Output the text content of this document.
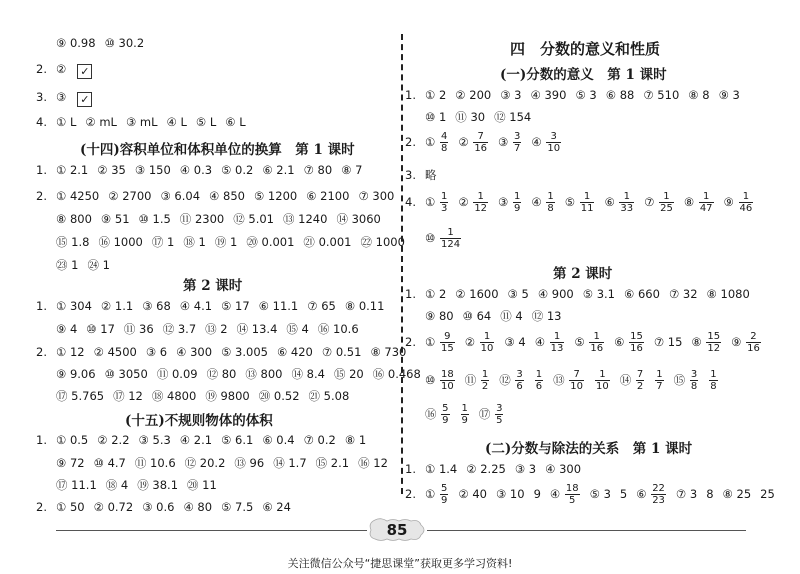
⑨ 0.98 ⑩ 30.2
2. ② ✓
3. ③ ✓
4. ① L ② mL ③ mL ④ L ⑤ L ⑥ L
(十四)容积单位和体积单位的换算　第 1 课时
1. ① 2.1 ② 35 ③ 150 ④ 0.3 ⑤ 0.2 ⑥ 2.1 ⑦ 80 ⑧ 7
2. ① 4250 ② 2700 ③ 6.04 ④ 850 ⑤ 1200 ⑥ 2100 ⑦ 300
⑧ 800 ⑨ 51 ⑩ 1.5 ⑪ 2300 ⑫ 5.01 ⑬ 1240 ⑭ 3060
⑮ 1.8 ⑯ 1000 ⑰ 1 ⑱ 1 ⑲ 1 ⑳ 0.001 ㉑ 0.001 ㉒ 1000
㉓ 1 ㉔ 1
第 2 课时
1. ① 304 ② 1.1 ③ 68 ④ 4.1 ⑤ 17 ⑥ 11.1 ⑦ 65 ⑧ 0.11
⑨ 4 ⑩ 17 ⑪ 36 ⑫ 3.7 ⑬ 2 ⑭ 13.4 ⑮ 4 ⑯ 10.6
2. ① 12 ② 4500 ③ 6 ④ 300 ⑤ 3.005 ⑥ 420 ⑦ 0.51 ⑧ 730
⑨ 9.06 ⑩ 3050 ⑪ 0.09 ⑫ 80 ⑬ 800 ⑭ 8.4 ⑮ 20 ⑯ 0.468
⑰ 5.765 ⑰ 12 ⑱ 4800 ⑲ 9800 ⑳ 0.52 ㉑ 5.08
(十五)不规则物体的体积
1. ① 0.5 ② 2.2 ③ 5.3 ④ 2.1 ⑤ 6.1 ⑥ 0.4 ⑦ 0.2 ⑧ 1
⑨ 72 ⑩ 4.7 ⑪ 10.6 ⑫ 20.2 ⑬ 96 ⑭ 1.7 ⑮ 2.1 ⑯ 12
⑰ 11.1 ⑱ 4 ⑲ 38.1 ⑳ 11
2. ① 50 ② 0.72 ③ 0.6 ④ 80 ⑤ 7.5 ⑥ 24
四　分数的意义和性质
(一)分数的意义　第 1 课时
1. ① 2 ② 200 ③ 3 ④ 390 ⑤ 3 ⑥ 88 ⑦ 510 ⑧ 8 ⑨ 3
⑩ 1 ⑪ 30 ⑫ 154
2. ① $\frac{4}{8}$ ② $\frac{7}{16}$ ③ $\frac{3}{7}$ ④ $\frac{3}{10}$
3. 略
4. ① $\frac{1}{3}$ ② $\frac{1}{12}$ ③ $\frac{1}{9}$ ④ $\frac{1}{8}$ ⑤ $\frac{1}{11}$ ⑥ $\frac{1}{33}$ ⑦ $\frac{1}{25}$ ⑧ $\frac{1}{47}$ ⑨ $\frac{1}{46}$
⑩ $\frac{1}{124}$
第 2 课时
1. ① 2 ② 1600 ③ 5 ④ 900 ⑤ 3.1 ⑥ 660 ⑦ 32 ⑧ 1080
⑨ 80 ⑩ 64 ⑪ 4 ⑫ 13
2. ① $\frac{9}{15}$ ② $\frac{1}{10}$ ③ 4 ④ $\frac{1}{13}$ ⑤ $\frac{1}{16}$ ⑥ $\frac{15}{16}$ ⑦ 15 ⑧ $\frac{15}{12}$ ⑨ $\frac{2}{16}$
⑩ $\frac{18}{10}$ ⑪ $\frac{1}{2}$ ⑫ $\frac{3}{6} \frac{1}{6}$ ⑬ $\frac{7}{10} \frac{1}{10}$ ⑭ $\frac{7}{2} \frac{1}{7}$ ⑮ $\frac{3}{8} \frac{1}{8}$
⑯ $\frac{5}{9} \frac{1}{9}$ ⑰ $\frac{3}{5}$
(二)分数与除法的关系　第 1 课时
1. ① 1.4 ② 2.25 ③ 3 ④ 300
2. ① $\frac{5}{9}$ ② 40 ③ 10 9 ④ $\frac{18}{5}$ ⑤ 3 5 ⑥ $\frac{22}{23}$ ⑦ 3 8 ⑧ 25 25
85
关注微信公众号“捷思课堂”获取更多学习资料!
